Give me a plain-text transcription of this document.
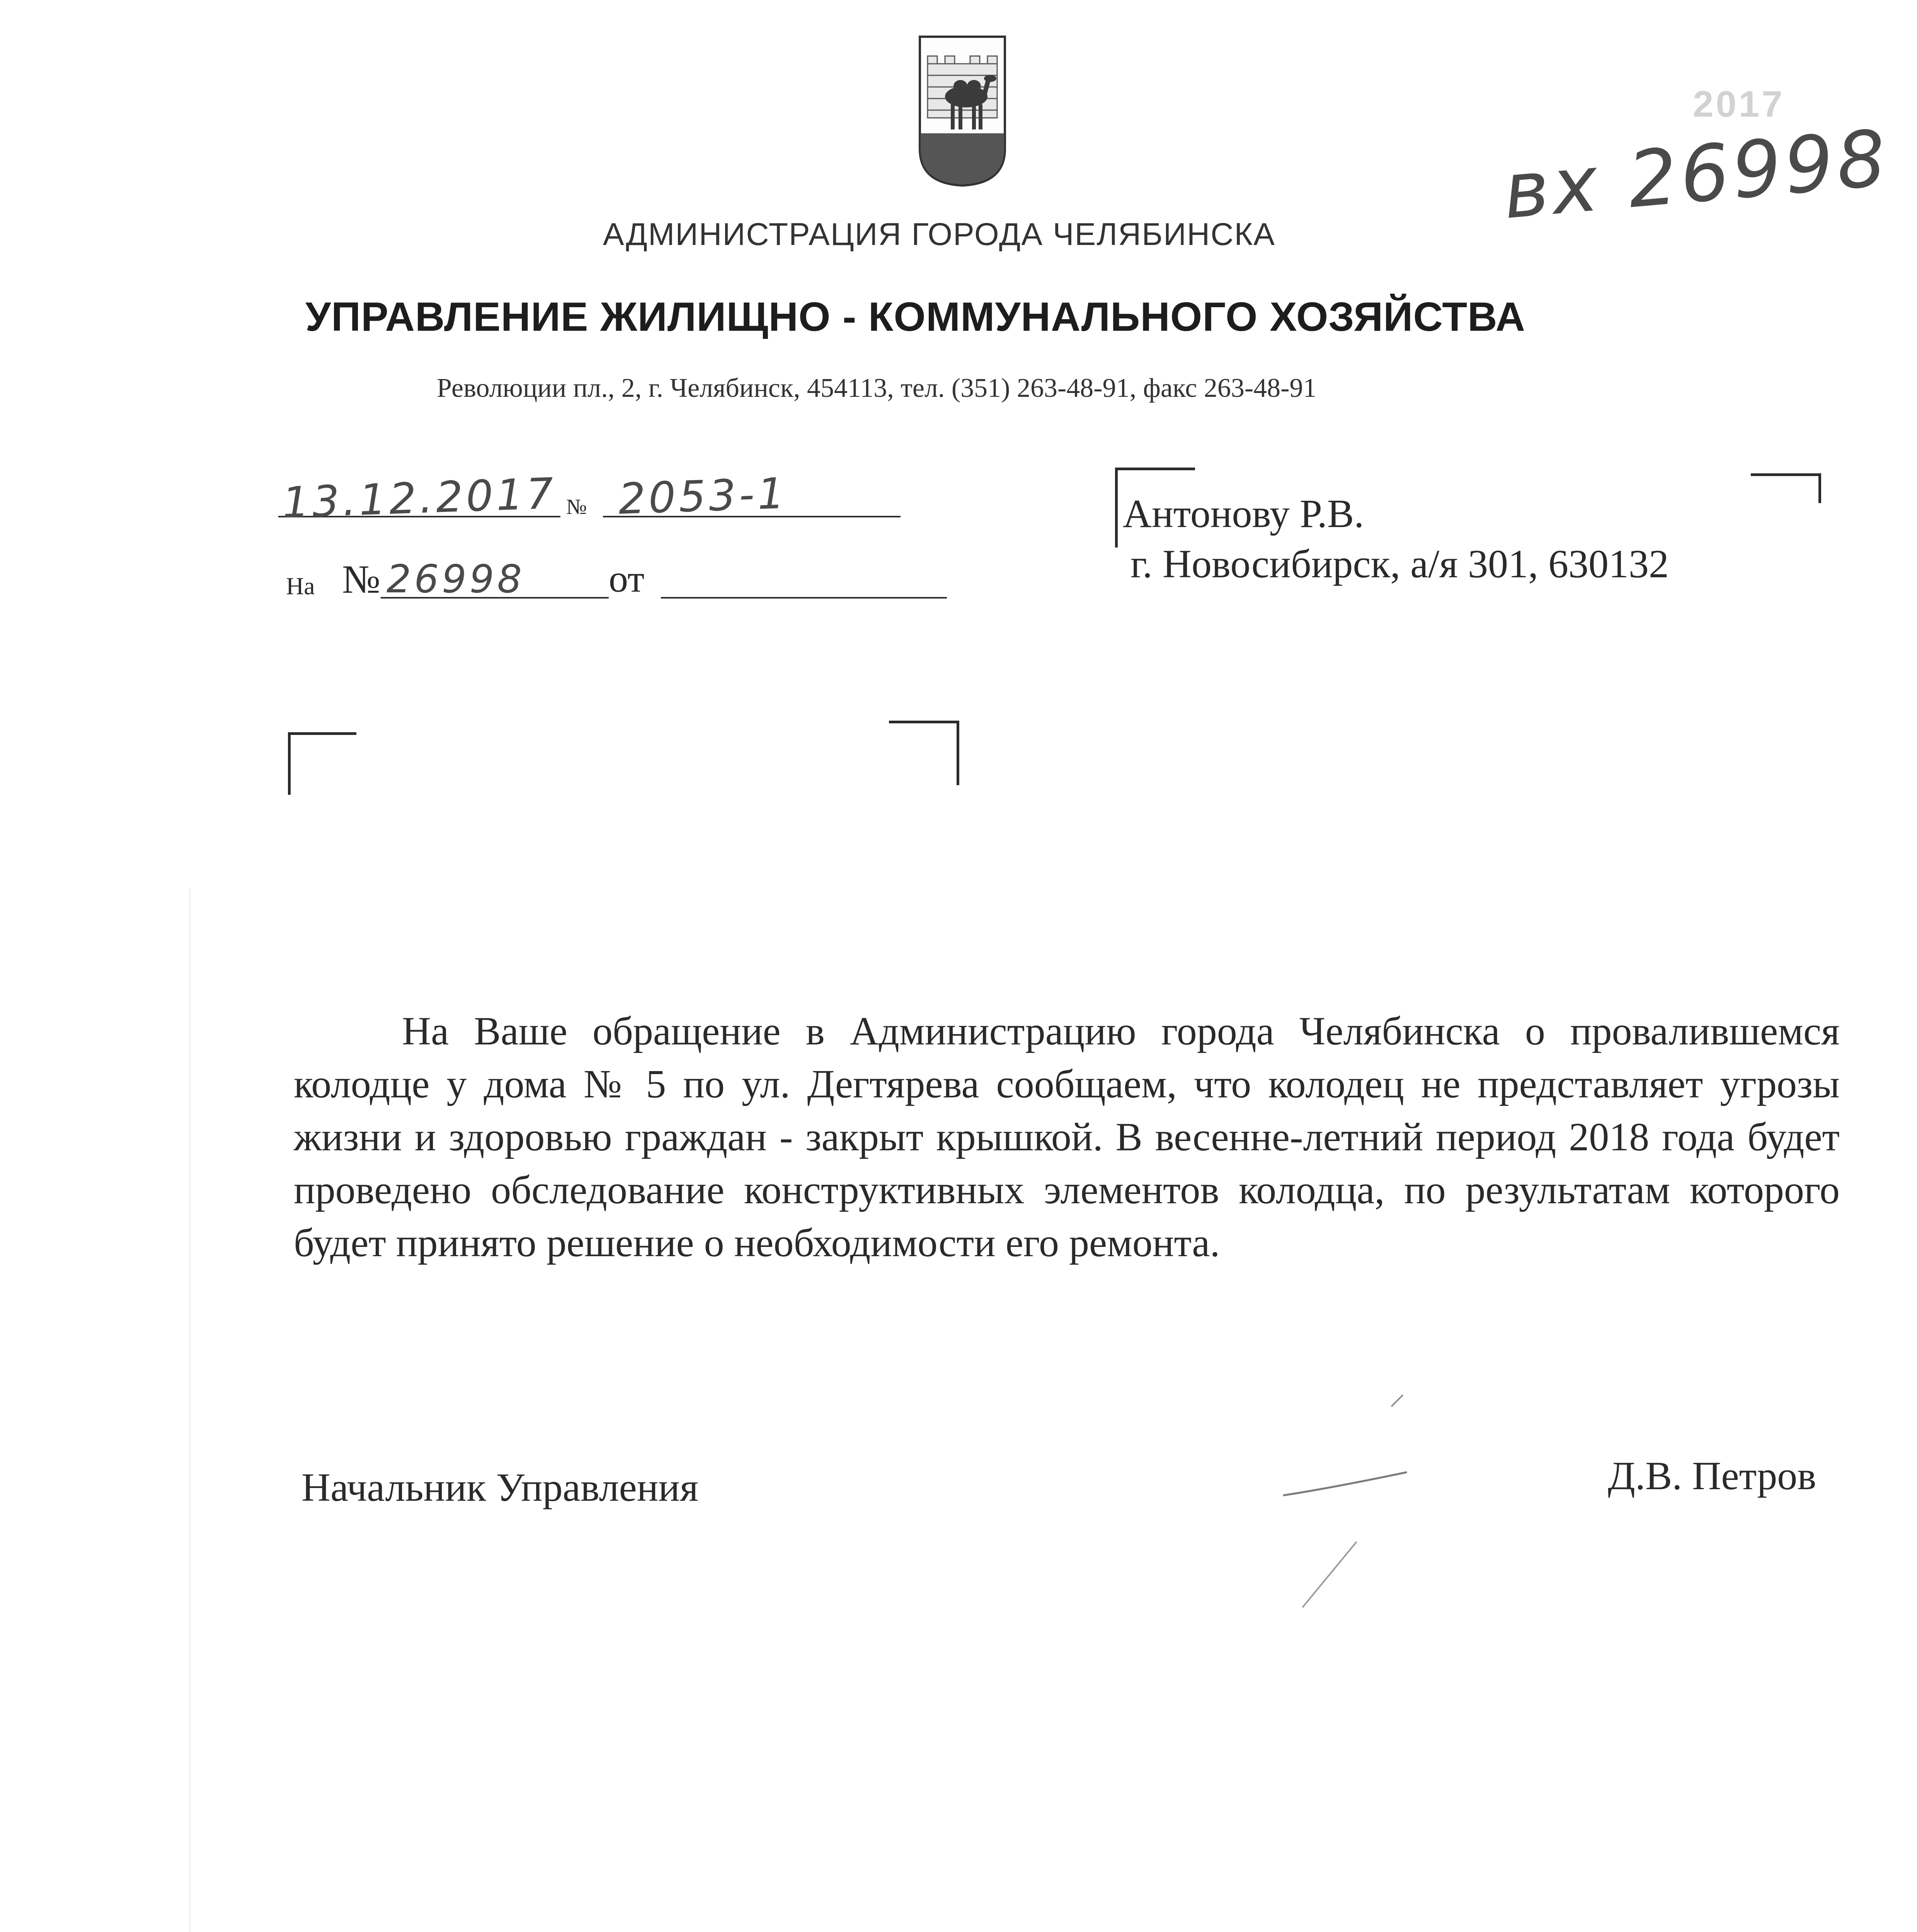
АДМИНИСТРАЦИЯ ГОРОДА ЧЕЛЯБИНСКА
УПРАВЛЕНИЕ ЖИЛИЩНО - КОММУНАЛЬНОГО ХОЗЯЙСТВА
Революции пл., 2, г. Челябинск, 454113, тел. (351) 263-48-91, факс 263-48-91
2017
вх 26998
13.12.2017 № 2053-1
На № 26998 от
Антонову Р.В.
г. Новосибирск, а/я 301, 630132
На Ваше обращение в Администрацию города Челябинска о провалившемся колодце у дома № 5 по ул. Дегтярева сообщаем, что колодец не представляет угрозы жизни и здоровью граждан - закрыт крышкой. В весенне-летний период 2018 года будет проведено обследование конструктивных элементов колодца, по результатам которого будет принято решение о необходимости его ремонта.
Начальник Управления	Д.В. Петров
